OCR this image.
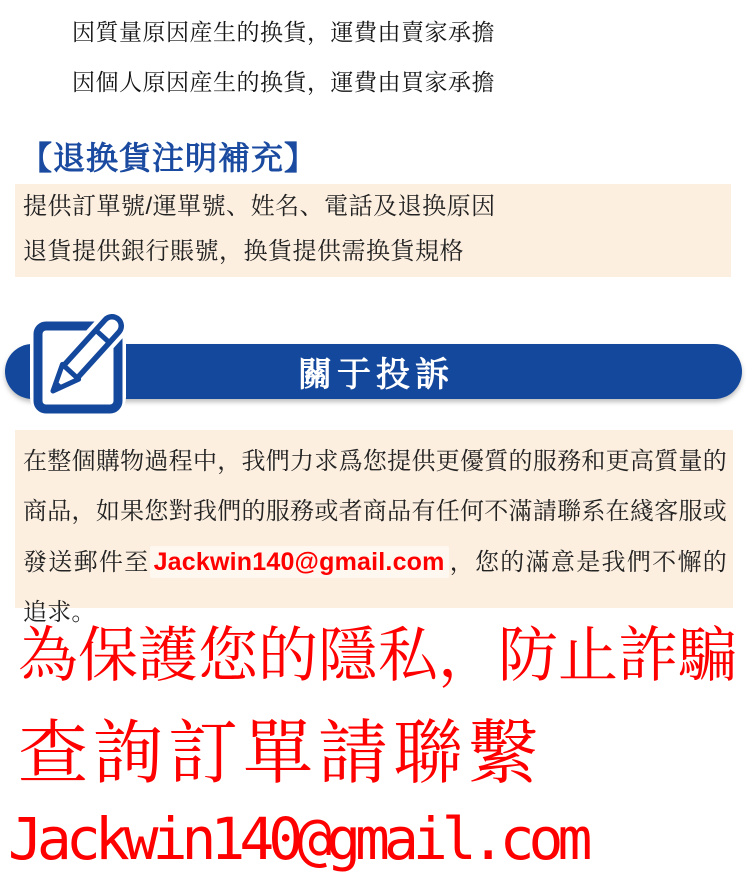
因質量原因産生的换貨，運費由賣家承擔
因個人原因産生的换貨，運費由買家承擔
【退换貨注明補充】
提供訂單號/運單號、姓名、電話及退换原因
退貨提供銀行賬號，换貨提供需换貨規格
關于投訴

在整個購物過程中，我們力求爲您提供更優質的服務和更高質量的商品，如果您對我們的服務或者商品有任何不滿請聯系在綫客服或發送郵件至 Jackwin140@gmail.com ，您的滿意是我們不懈的追求。

為保護您的隱私，防止詐騙
查詢訂單請聯繫
Jackwin140@gmail.com
